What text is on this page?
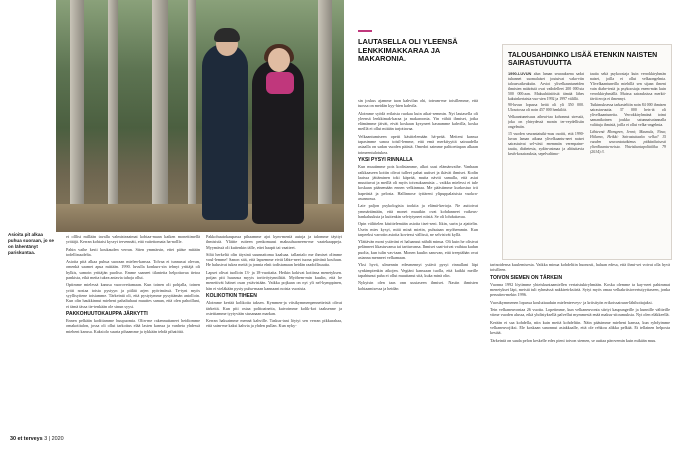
Asioita pit alkaa puhua suoraan, jo se on lähentänyt pariskuntaa.

et olllist millään tavalla valmisteaaimat kohtaa-maan kaiken monettimellä yrittäjä. Kerran kohtaisi kyseyt tervennäti, että vaitettomata ha-nollle.

Pahin vaihe kesti koukauden verran. Siten ymmärsin, ettei pääse mitään todellisuudelta.

Asioita pitä alkaa puhua suoraan mielen-kanssa. Tolvaa ei tunnusut olevan, omenkä saamet apua mittään. 1990. luvulla konkurs-sin tehnyt yrittäjä oli hylkis, samoin yrittäjän puoliso. Emme saaneet tilanteita helpottavaa tietoa pankista, eikä meita tukea antavia tahoja ollut.

Optimme mielessä kanssa vuorovettamaan. Kun toinen oli pohjalla, toinen yritti nostaa toista pystyyn ja piilää arjen pyörimässä. Te-tyni myös syyllisyttene toisiamme. Tärkeintä oli, että pystytymme pysyttämän aniolloin. Kun olin haukkinnut miehent pahaltuhaut muuttes saman, että olen pahoillani, ei tämä tässa tie-tenkään ole sinun syysi.

PAKKOHUUTOKAUPPA JÄRKYTTI

Ennen pelkään kodittamme huupuomia. Olin-me rakennuttaneet heidiomme omakotitalon, jossa oli ollut tarkoitus elää lasten kanssa ja vanheta yhdessä miehent kanssa. Kaksiolo suurta pihaamme ja tykkään tehdä pihatöitä.

Pakkohuutokaupassa pihaamme ajoi kym-meniä autoja ja talomme täyttyi ihmisistä. Yläitte ruiteen penkomaasi makuuhuoneem-me vaatekaappeja. Myymässä oli kuitenkin tälle, ettei haaptt tai vaatteet.

Siltä herkeltä olin täysinä suunnattoma kaaluaa. tallantalo me ihmiset olimme voul-lemme! Sanon sitä, että lapsemme eivät lähte-neet tuona päivänä kouluun. He halusivat tukea meitä ja jonnia elnit todistamaan heidän raadollisuutta.

Lapset olivat tuolloin 13- ja 18-vuotiaita. Heikin kokivat kotiinsa menetyksen. poijan pitt huusnsa myyts torttvöytynniltiät. Myöhem-min kuulin, että he menettivät häinet osan ystävistään. Vaikka pojkaan on nyt yli nel-kymppinen, hän ei vieläkään pysty puhu-maan kannaant noista vuosista.

KOLIKOTKIN TIHEEN

Aloimme kertää kolikoita taksen. Kymmen-ja viisikymmenpennetteistä olivat tärkeitä. Kun piti ostaa polttoaineita, kaivoimme kolik-kot taaksenne ja ostettiamme tyytyvään stusanaan markan.

Kerran haksaimme mennä kahville. Taskus-tani löytyi sen verran pikkurahaa, että saim-me kaksi kahvia ja yhden pullan. Kun nyky-

LAUTASELLA OLI YLEENSÄ LENKKIMAKKARAA JA MAKARONIA.

sin joskus ajamme taon kahvilan ohi, toteam-me toisillemme, että tuossa on meidän kyy-hien kahvila.

Aloimme syödä erilaista ruokaa kuin aikai-semmin. Nyt lautasella oli yleensä lenkkimak-karaa ja makaroonia. Yin vähät ihmiset, jotka elämämme jätvät, eivät koskaan kysyneet kasnamme kahvilla, koska meillä ei ollut mitään tarjottavaa.

Velkaantumiseen opetti käsittelemään hä-peää. Meiteni kanssa tapasimme sanoa toisil-lemme, että emä merkityyttä sairaudella asiaalla on sadan vuoden päästä. Omedoi saimme palttoettapan alkaan toimeentulotukea.

YKSI PYSYI RINNALLA

Kun muutimme pois kodistamme, alkoi uusi elämänvaihe. Vanhaan raikkaaseen koitin olivat tulleet pahat uutiset ja ikävät ihmiset. Kodin laaissa jättäminen toki käpeää, mutta nävtti samalla, että asiat muuttuvat ja meillä oli myös toivaukaamisia – vaikka mielessi ei tule koskaan päänemään ennen velkinmaa. Me päästimme kurkostuo irti hapeästä ja pelosta. Hallinnose tyttäreni ylipuppalaisista vuokra-asunnossa.

Laie paljon psykologisia tookiia ja elämä-kertoja. Ne auttoivat ymmärtämään, että monet muutkin ovat kohdanneet vaikeus-hankaluuksia ja kuitenkin selviytyneet niistä. Se oli lohduttavaa.

Opin välittelen käsittelemään asioita tiset-seni. Itkin, surin ja ajattelin. Usein mies kysyi, mitä minä mietin, puhutaan myöhemmin. Kun tarpeeksi varrotin asioita kovtessi vällissä, ne selvisivät kyllä.

Ylättävän moni ystäväni ei haluansut nähdä minua. Oli kuin he olisivat pelänneet likastuvansa tai tarttuvansa. Ihmiset saat-toivat vaihtaa kadun puolta, kun tulin vas-taan. Monen kuulin sanovan, että treeptähän ovat asianna menneet velkamaan.

Yksi hyvä, ulmennin edesmennyt ystävä pysyi rinnallani läpi synkimpienkin aikojen. Vegtäni kanssaan tuolla, että kaikki meille tapahtunut paha ei ollut muuttanut sitä, kuka minä olin.

Nykyisin olen taas onn uusiaseen ihmiset. Nastin ihmisten kohtaamisessa ja heidän

TALOUSAHDINKO LISÄÄ ETENKIN NAISTEN SAIRASTUVUUTTA

1990-LUVUN alun laman seurauksena sadat tuhannet suomalaiset joutuivat vaka-viin talousvaikeuksiin. Arviot ylivelkaantuneiden ihmisten määrästä ovat vaihdelleet 200 000:sta 500 000:aan. Maksuhäiriöisiä tämää lähes kaksinkertaista vuo-sien 1992 ja 1997 välillä.

90-luvun lopussa heitä oli yli 350 000. Ulosotossa oli noin 457 000 henkilöä.

Velkaantuneisuus aiheut-taa kohonnut stressiä, joka on yhteydessä monin ter-veydellisiin ongelmiin.

15 vuoden seurantatutki-mus osoitti, että 1990-luvun laman aikana ylivelkaantu-neet naiset sairastuivat sel-västi enemmän verenpaine-tautia, diabetesta, sydän-astmaa ja alttiuttavia keuh-kosairauksia, sepelvaltimo-

tautia sekä psykoosiaja kuin verrokkiryhmän naiset, joilla ei ollut velkaongelmia. Ylivelkaantuneilla miehillä sen sijaan ilmeni vain diabe-testä ja psykoosiaja enem-män kuin verrokkiryhmällä. Muissa sairauksissa merkit-täviä eroja ei ilmennyt.

Tutkimuksessa tarkasteltiin noin 84 000 ihmisen sairastavuutta. 37 000 heis-tä oli ylivelkaantuneita. Verrokkiryhmänä toimi samanikoinen joukko satunnaisotannalla valittuja ihmisiä, joilla ei ollut velka-ongelmia.

Lähteenä Blomgren, Jenni; Maunula, Nina; Hiilamo, Heikki: Sairastuttaako velka? 15 vuoden seurantatutkimus pitkäaikaisesti ylivelkaantu-neista. Yhteiskuntapolitiikka 79 (2014):3.

tarinoidensa kuulemisesta. Vaikka minua kohdeltiin huonosti, haluan edesa, että ihmi-set voivat olla hyvä toisilleen.

TOIVON SIEMEN ON TÄRKEIN

Vuonna 1992 löytimme yhteiskuntaamiellen vertaistukiryhmään. Koska olemme ta kay-neet pahimmat menetykset läpi, meistä tuli ryhmässä nakkireirksiirtä. Sytyi myös omaa velkakriisiovertutyyttaseen, jonka perustim-mekin 1996.

Vuosikymmenen lopussa kouluttauduin mielenterveys- ja kriisityön erikoissairaan-lähihoitajaksi.

Tein velkaneuvontaa 26 vuotta. Lopetimme, kun velkaneuvonta siirtyi kaupungeille ja kunnille vältteille viime vuoden alussa, eikä yhdistyksellä palvellut mymmestä enää maksu-sitoumuksia. Nyt olen eläkkeellä.

Kerään ei saa kohdella, niin kuin meitä kohdeltiin. Näin pääsimme mieheni kanssa, kun ryhdyimme velkaneuvojiksi. Ele koskaan sanonnut asiakkaalle, että ole rehkou alikka pelkää. Et tellainen helposta kestää.

Tärkeintä on saada pelon keskelle edes pieni toivon siemen, se auttaa pärovemin kuin mikään muu.

30 et terveys 3 | 2020
